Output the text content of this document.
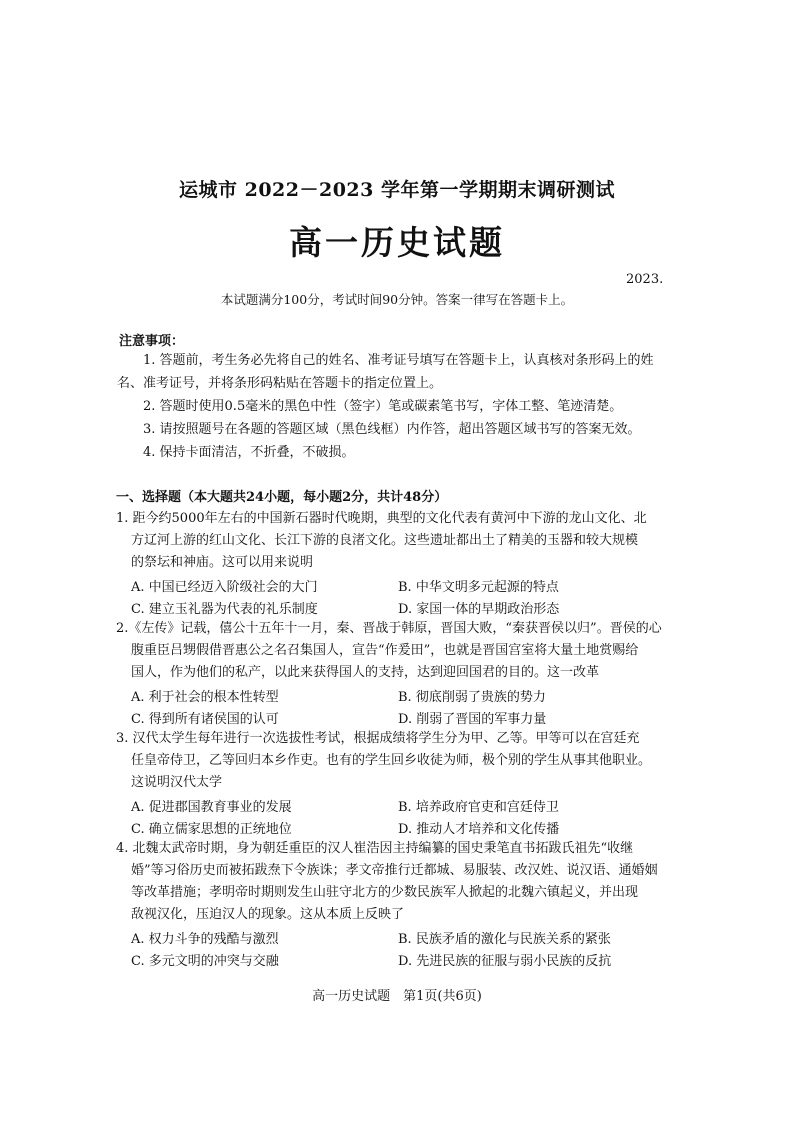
运城市 2022－2023 学年第一学期期末调研测试
高一历史试题
2023.
本试题满分100分，考试时间90分钟。答案一律写在答题卡上。
注意事项：
1. 答题前，考生务必先将自己的姓名、准考证号填写在答题卡上，认真核对条形码上的姓
名、准考证号，并将条形码粘贴在答题卡的指定位置上。
2. 答题时使用0.5毫米的黑色中性（签字）笔或碳素笔书写，字体工整、笔迹清楚。
3. 请按照题号在各题的答题区域（黑色线框）内作答，超出答题区域书写的答案无效。
4. 保持卡面清洁，不折叠，不破损。
一、选择题（本大题共24小题，每小题2分，共计48分）
1. 距今约5000年左右的中国新石器时代晚期，典型的文化代表有黄河中下游的龙山文化、北
方辽河上游的红山文化、长江下游的良渚文化。这些遗址都出土了精美的玉器和较大规模
的祭坛和神庙。这可以用来说明
A. 中国已经迈入阶级社会的大门	B. 中华文明多元起源的特点
C. 建立玉礼器为代表的礼乐制度	D. 家国一体的早期政治形态
2.《左传》记载，僖公十五年十一月，秦、晋战于韩原，晋国大败，“秦获晋侯以归”。晋侯的心
腹重臣吕甥假借晋惠公之名召集国人，宣告“作爰田”，也就是晋国宫室将大量土地赏赐给
国人，作为他们的私产，以此来获得国人的支持，达到迎回国君的目的。这一改革
A. 利于社会的根本性转型	B. 彻底削弱了贵族的势力
C. 得到所有诸侯国的认可	D. 削弱了晋国的军事力量
3. 汉代太学生每年进行一次选拔性考试，根据成绩将学生分为甲、乙等。甲等可以在宫廷充
任皇帝侍卫，乙等回归本乡作吏。也有的学生回乡收徒为师，极个别的学生从事其他职业。
这说明汉代太学
A. 促进郡国教育事业的发展	B. 培养政府官吏和宫廷侍卫
C. 确立儒家思想的正统地位	D. 推动人才培养和文化传播
4. 北魏太武帝时期，身为朝廷重臣的汉人崔浩因主持编纂的国史秉笔直书拓跋氏祖先“收继
婚”等习俗历史而被拓跋焘下令族诛；孝文帝推行迁都城、易服装、改汉姓、说汉语、通婚姻
等改革措施；孝明帝时期则发生山驻守北方的少数民族军人掀起的北魏六镇起义，并出现
敌视汉化，压迫汉人的现象。这从本质上反映了
A. 权力斗争的残酷与激烈	B. 民族矛盾的激化与民族关系的紧张
C. 多元文明的冲突与交融	D. 先进民族的征服与弱小民族的反抗
高一历史试题　第1页(共6页)
